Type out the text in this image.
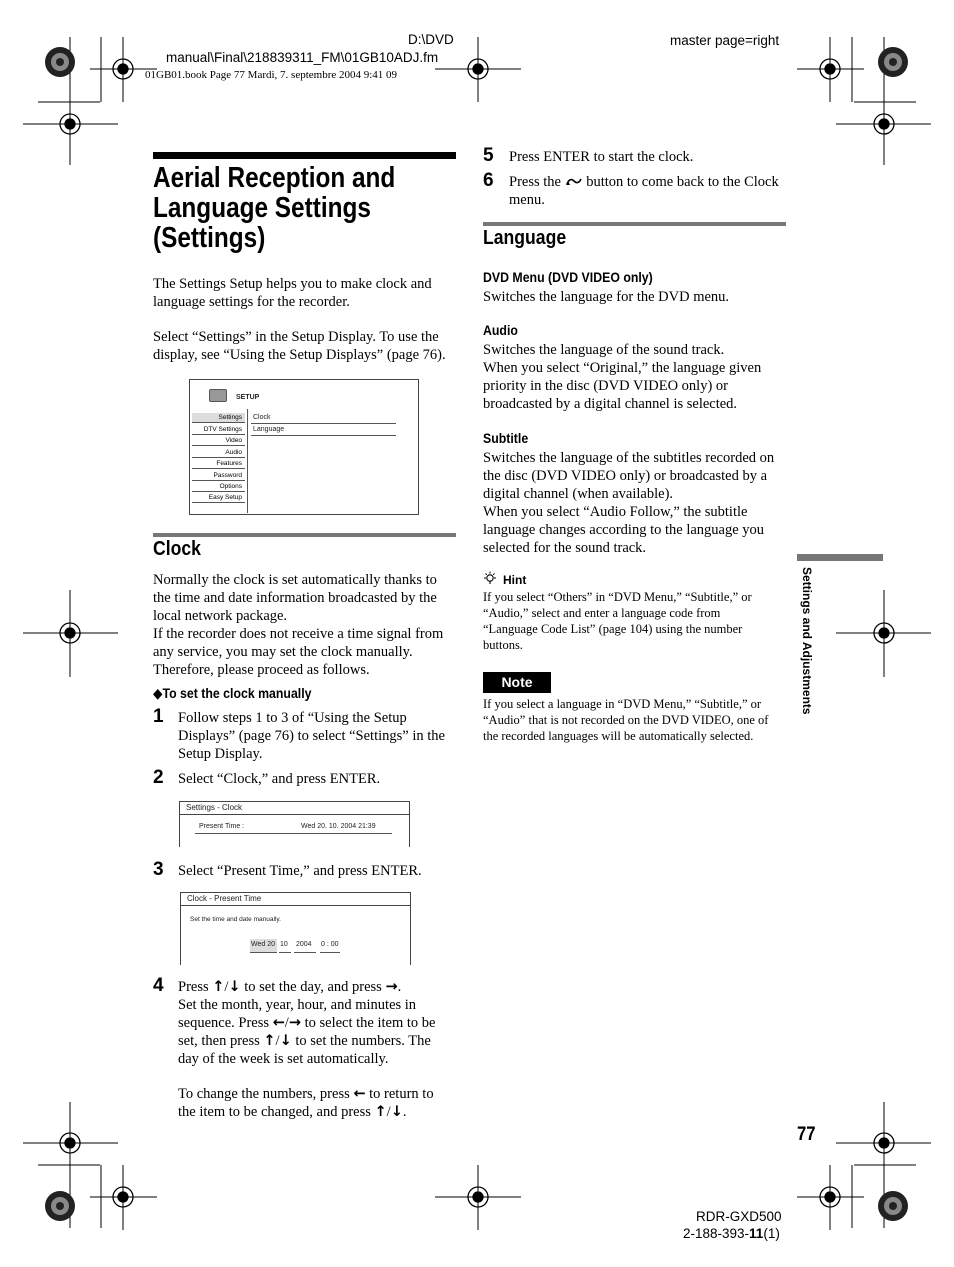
D:\DVD
manual\Final\218839311_FM\01GB10ADJ.fm
01GB01.book Page 77 Mardi, 7. septembre 2004 9:41 09
master page=right
Aerial Reception and
Language Settings
(Settings)
The Settings Setup helps you to make clock and
language settings for the recorder.
Select “Settings” in the Setup Display. To use the
display, see “Using the Setup Displays” (page 76).
SETUP
Settings
DTV Settings
Video
Audio
Features
Password
Options
Easy Setup
Clock
Language
Clock
Normally the clock is set automatically thanks to
the time and date information broadcasted by the
local network package.
If the recorder does not receive a time signal from
any service, you may set the clock manually.
Therefore, please proceed as follows.
◆To set the clock manually
1 Follow steps 1 to 3 of “Using the Setup
Displays” (page 76) to select “Settings” in the
Setup Display.
2 Select “Clock,” and press ENTER.
Settings - Clock
Present Time :	Wed 20. 10. 2004 21:39
3 Select “Present Time,” and press ENTER.
Clock - Present Time
Set the time and date manually.
Wed 20 10 2004 0 : 00
4 Press ↑/↓ to set the day, and press →.
Set the month, year, hour, and minutes in
sequence. Press ←/→ to select the item to be
set, then press ↑/↓ to set the numbers. The
day of the week is set automatically.
To change the numbers, press ← to return to
the item to be changed, and press ↑/↓.
5 Press ENTER to start the clock.
6 Press the button to come back to the Clock
menu.
Language
DVD Menu (DVD VIDEO only)
Switches the language for the DVD menu.
Audio
Switches the language of the sound track.
When you select “Original,” the language given
priority in the disc (DVD VIDEO only) or
broadcasted by a digital channel is selected.
Subtitle
Switches the language of the subtitles recorded on
the disc (DVD VIDEO only) or broadcasted by a
digital channel (when available).
When you select “Audio Follow,” the subtitle
language changes according to the language you
selected for the sound track.
Hint
If you select “Others” in “DVD Menu,” “Subtitle,” or
“Audio,” select and enter a language code from
“Language Code List” (page 104) using the number
buttons.
Note
If you select a language in “DVD Menu,” “Subtitle,” or
“Audio” that is not recorded on the DVD VIDEO, one of
the recorded languages will be automatically selected.
Settings and Adjustments
77
RDR-GXD500
2-188-393-11(1)
